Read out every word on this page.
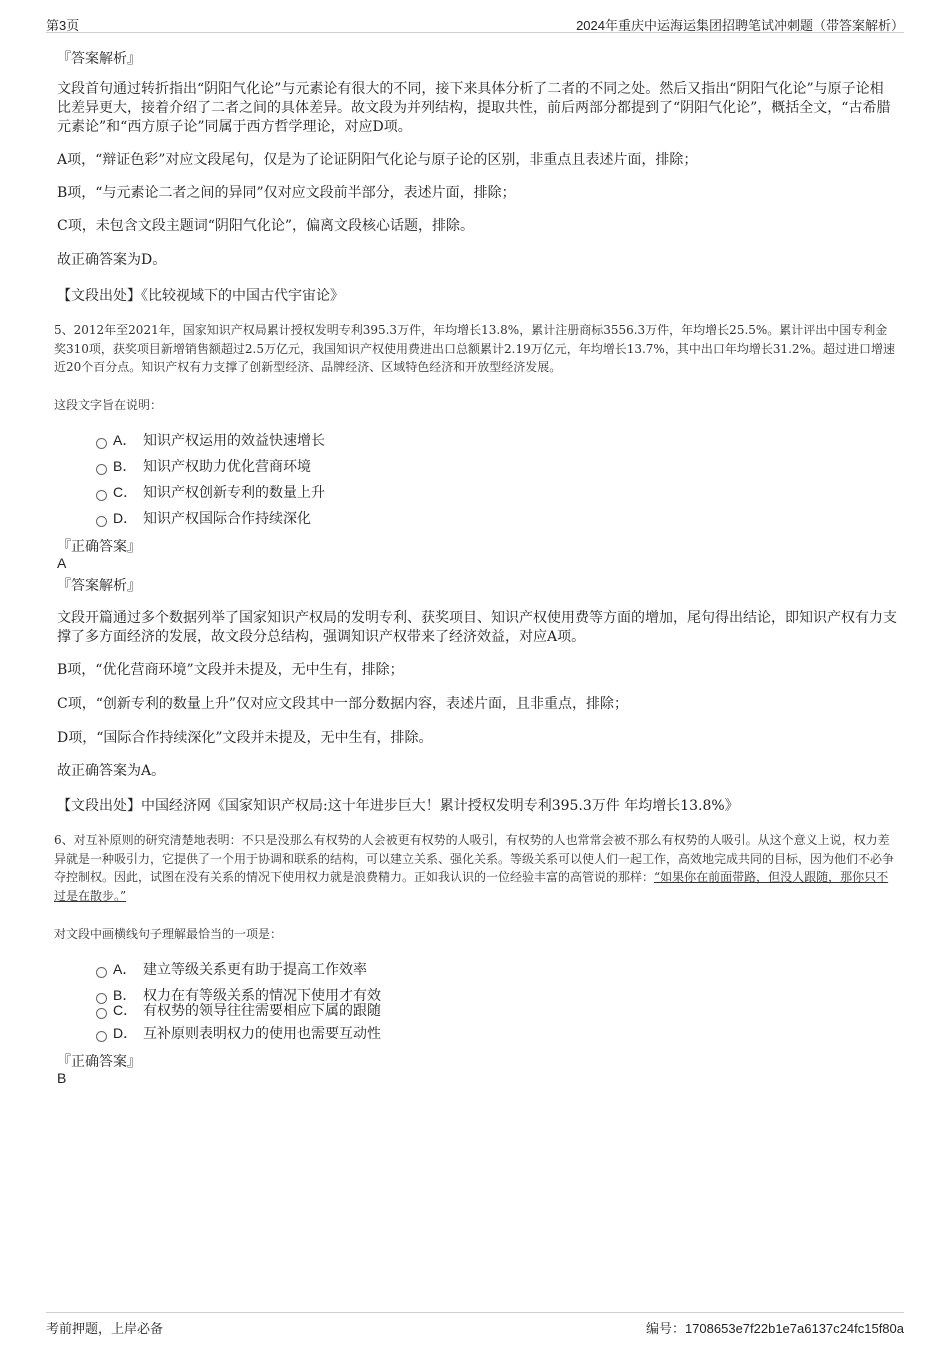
第3页	2024年重庆中运海运集团招聘笔试冲刺题（带答案解析）
『答案解析』
文段首句通过转折指出“阴阳气化论”与元素论有很大的不同，接下来具体分析了二者的不同之处。然后又指出“阴阳气化论”与原子论相比差异更大，接着介绍了二者之间的具体差异。故文段为并列结构，提取共性，前后两部分都提到了“阴阳气化论”，概括全文，“古希腊元素论”和“西方原子论”同属于西方哲学理论，对应D项。
A项，“辩证色彩”对应文段尾句，仅是为了论证阴阳气化论与原子论的区别，非重点且表述片面，排除；
B项，“与元素论二者之间的异同”仅对应文段前半部分，表述片面，排除；
C项，未包含文段主题词“阴阳气化论”，偏离文段核心话题，排除。
故正确答案为D。
【文段出处】《比较视域下的中国古代宇宙论》
5、2012年至2021年，国家知识产权局累计授权发明专利395.3万件，年均增长13.8%，累计注册商标3556.3万件，年均增长25.5%。累计评出中国专利金奖310项，获奖项目新增销售额超过2.5万亿元，我国知识产权使用费进出口总额累计2.19万亿元，年均增长13.7%，其中出口年均增长31.2%。超过进口增速近20个百分点。知识产权有力支撑了创新型经济、品牌经济、区域特色经济和开放型经济发展。
这段文字旨在说明：
A． 知识产权运用的效益快速增长
B． 知识产权助力优化营商环境
C． 知识产权创新专利的数量上升
D． 知识产权国际合作持续深化
『正确答案』
A
『答案解析』
文段开篇通过多个数据列举了国家知识产权局的发明专利、获奖项目、知识产权使用费等方面的增加，尾句得出结论，即知识产权有力支撑了多方面经济的发展，故文段分总结构，强调知识产权带来了经济效益，对应A项。
B项，“优化营商环境”文段并未提及，无中生有，排除；
C项，“创新专利的数量上升”仅对应文段其中一部分数据内容，表述片面，且非重点，排除；
D项，“国际合作持续深化”文段并未提及，无中生有，排除。
故正确答案为A。
【文段出处】中国经济网《国家知识产权局:这十年进步巨大！累计授权发明专利395.3万件 年均增长13.8%》
6、对互补原则的研究清楚地表明：不只是没那么有权势的人会被更有权势的人吸引，有权势的人也常常会被不那么有权势的人吸引。从这个意义上说，权力差异就是一种吸引力，它提供了一个用于协调和联系的结构，可以建立关系、强化关系。等级关系可以使人们一起工作，高效地完成共同的目标，因为他们不必争夺控制权。因此，试图在没有关系的情况下使用权力就是浪费精力。正如我认识的一位经验丰富的高管说的那样：“如果你在前面带路，但没人跟随，那你只不过是在散步。”
对文段中画横线句子理解最恰当的一项是：
A． 建立等级关系更有助于提高工作效率
B． 权力在有等级关系的情况下使用才有效
C． 有权势的领导往往需要相应下属的跟随
D． 互补原则表明权力的使用也需要互动性
『正确答案』
B
考前押题，上岸必备	编号：1708653e7f22b1e7a6137c24fc15f80a
